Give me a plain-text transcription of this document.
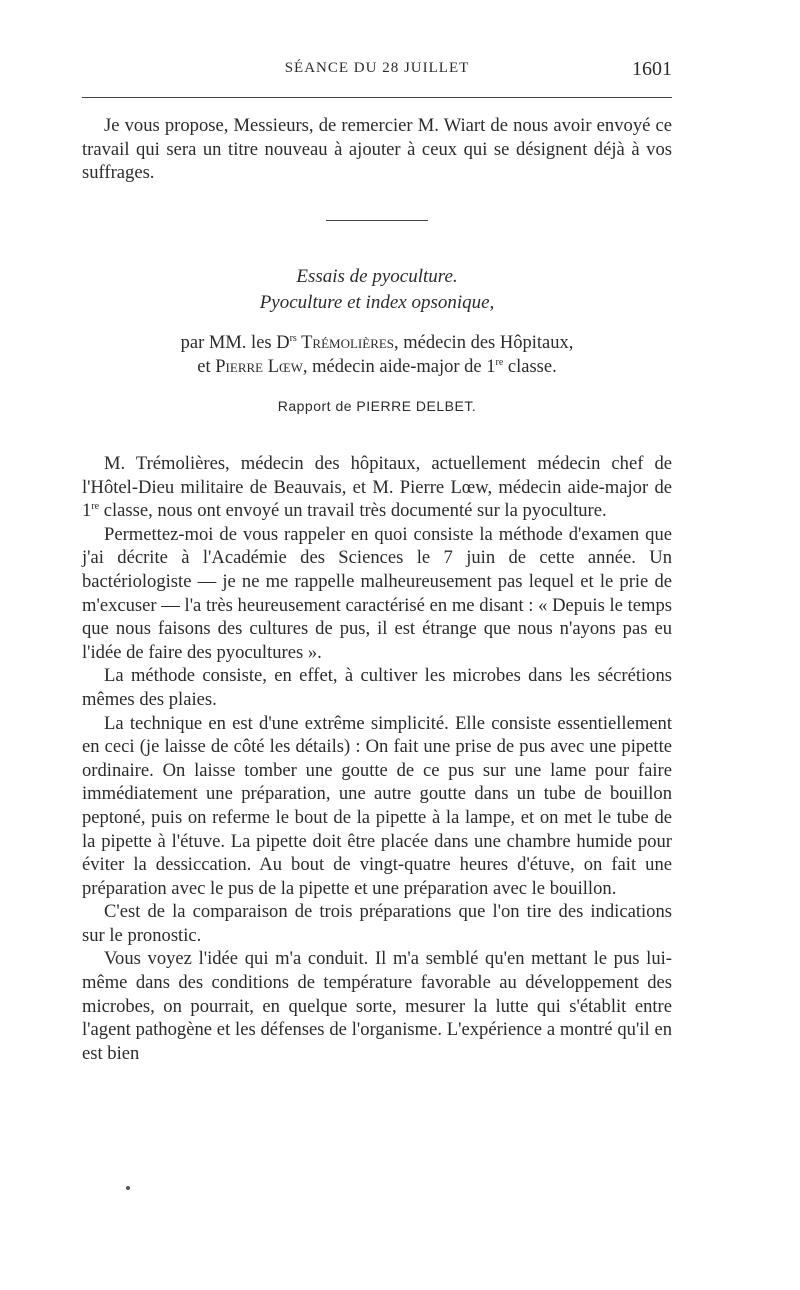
SÉANCE DU 28 JUILLET	1601

Je vous propose, Messieurs, de remercier M. Wiart de nous avoir envoyé ce travail qui sera un titre nouveau à ajouter à ceux qui se désignent déjà à vos suffrages.

Essais de pyoculture.
Pyoculture et index opsonique,
par MM. les $D^{rs}$ Trémolières, médecin des Hôpitaux,
et Pierre Lœw, médecin aide-major de 1re classe.
Rapport de PIERRE DELBET.

M. Trémolières, médecin des hôpitaux, actuellement médecin chef de l'Hôtel-Dieu militaire de Beauvais, et M. Pierre Lœw, médecin aide-major de 1re classe, nous ont envoyé un travail très documenté sur la pyoculture.

Permettez-moi de vous rappeler en quoi consiste la méthode d'examen que j'ai décrite à l'Académie des Sciences le 7 juin de cette année. Un bactériologiste — je ne me rappelle malheureusement pas lequel et le prie de m'excuser — l'a très heureusement caractérisé en me disant : « Depuis le temps que nous faisons des cultures de pus, il est étrange que nous n'ayons pas eu l'idée de faire des pyocultures ».

La méthode consiste, en effet, à cultiver les microbes dans les sécrétions mêmes des plaies.

La technique en est d'une extrême simplicité. Elle consiste essentiellement en ceci (je laisse de côté les détails) : On fait une prise de pus avec une pipette ordinaire. On laisse tomber une goutte de ce pus sur une lame pour faire immédiatement une préparation, une autre goutte dans un tube de bouillon peptoné, puis on referme le bout de la pipette à la lampe, et on met le tube de la pipette à l'étuve. La pipette doit être placée dans une chambre humide pour éviter la dessiccation. Au bout de vingt-quatre heures d'étuve, on fait une préparation avec le pus de la pipette et une préparation avec le bouillon.

C'est de la comparaison de trois préparations que l'on tire des indications sur le pronostic.

Vous voyez l'idée qui m'a conduit. Il m'a semblé qu'en mettant le pus lui-même dans des conditions de température favorable au développement des microbes, on pourrait, en quelque sorte, mesurer la lutte qui s'établit entre l'agent pathogène et les défenses de l'organisme. L'expérience a montré qu'il en est bien
